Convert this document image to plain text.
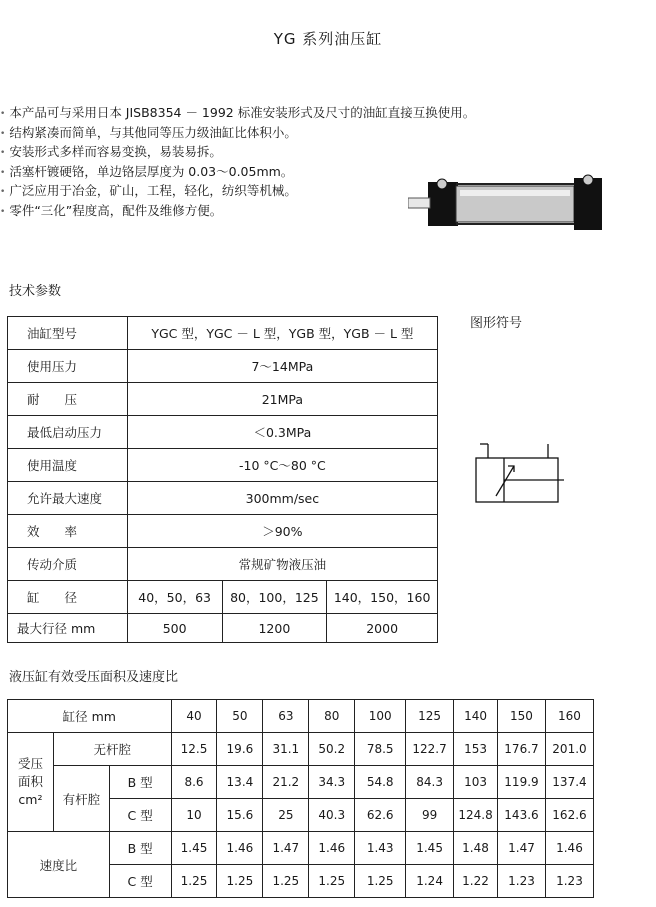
YG 系列油压缸
• 本产品可与采用日本 JISB8354 － 1992 标准安装形式及尺寸的油缸直接互换使用。
• 结构紧凑而简单，与其他同等压力级油缸比体积小。
• 安装形式多样而容易变换，易装易拆。
• 活塞杆镀硬铬，单边铬层厚度为 0.03～0.05mm。
• 广泛应用于冶金，矿山，工程，轻化，纺织等机械。
• 零件“三化”程度高，配件及维修方便。
技术参数
图形符号
油缸型号	YGC 型，YGC － L 型，YGB 型，YGB － L 型		
使用压力	7～14MPa		
耐　　压	21MPa		
最低启动压力	＜0.3MPa		
使用温度	-10 °C～80 °C		
允许最大速度	300mm/sec		
效　　率	＞90%		
传动介质	常规矿物液压油		
缸　　径	40，50，63	80，100，125	140，150，160
最大行径 mm	500	1200	2000
液压缸有效受压面积及速度比
缸径 mm			40	50	63	80	100	125	140	150	160

受压
面积
cm²	无杆腔		12.5	19.6	31.1	50.2	78.5	122.7	153	176.7	201.0
	有杆腔	B 型	8.6	13.4	21.2	34.3	54.8	84.3	103	119.9	137.4
		C 型	10	15.6	25	40.3	62.6	99	124.8	143.6	162.6
速度比		B 型	1.45	1.46	1.47	1.46	1.43	1.45	1.48	1.47	1.46
		C 型	1.25	1.25	1.25	1.25	1.25	1.24	1.22	1.23	1.23
